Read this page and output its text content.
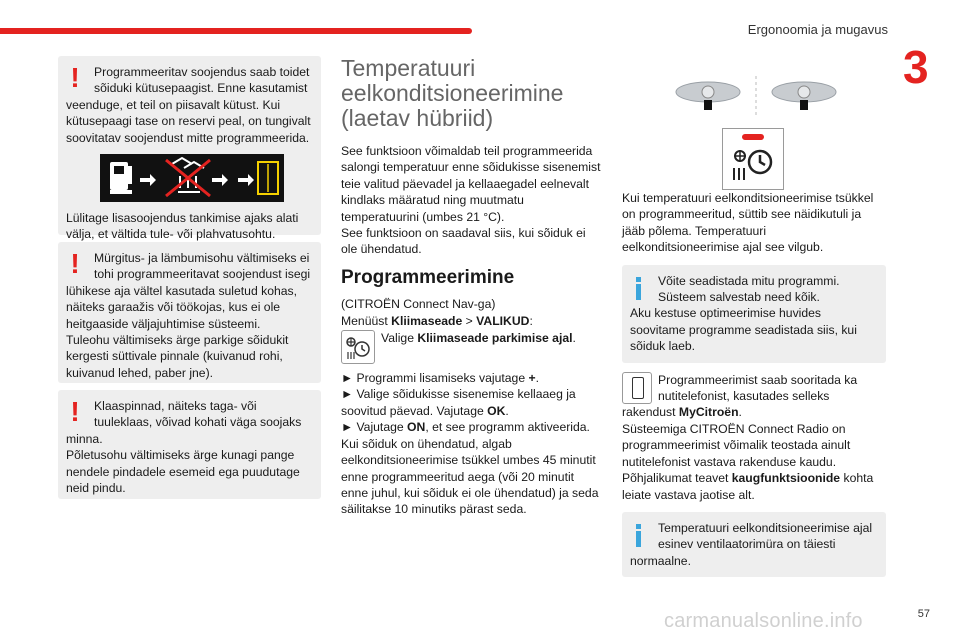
Ergonoomia ja mugavus
3
!	Programmeeritav soojendus saab toidet sõiduki kütusepaagist. Enne kasutamist veenduge, et teil on piisavalt kütust. Kui kütusepaagi tase on reservi peal, on tungivalt soovitatav soojendust mitte programmeerida.

Lülitage lisasoojendus tankimise ajaks alati välja, et vältida tule- või plahvatusohtu.

!	Mürgitus- ja lämbumisohu vältimiseks ei tohi programmeeritavat soojendust isegi lühikese aja vältel kasutada suletud kohas, näiteks garaažis või töökojas, kus ei ole heitgaaside väljajuhtimise süsteemi.

Tuleohu vältimiseks ärge parkige sõidukit kergesti süttivale pinnale (kuivanud rohi, kuivanud lehed, paber jne).

!	Klaaspinnad, näiteks taga- või tuuleklaas, võivad kohati väga soojaks minna.

Põletusohu vältimiseks ärge kunagi pange nendele pindadele esemeid ega puudutage neid pindu.

Temperatuuri eelkonditsioneerimine (laetav hübriid)

See funktsioon võimaldab teil programmeerida salongi temperatuur enne sõidukisse sisenemist teie valitud päevadel ja kellaaegadel eelnevalt kindlaks määratud ning muutmatu temperatuurini (umbes 21 °C).

See funktsioon on saadaval siis, kui sõiduk ei ole ühendatud.

Programmeerimine

(CITROËN Connect Nav-ga)

Menüüst Kliimaseade > VALIKUD:

Valige Kliimaseade parkimise ajal.

► Programmi lisamiseks vajutage +.

► Valige sõidukisse sisenemise kellaaeg ja soovitud päevad. Vajutage OK.

► Vajutage ON, et see programm aktiveerida.

Kui sõiduk on ühendatud, algab eelkonditsioneerimise tsükkel umbes 45 minutit enne programmeeritud aega (või 20 minutit enne juhul, kui sõiduk ei ole ühendatud) ja seda säilitakse 10 minutiks pärast seda.

Kui temperatuuri eelkonditsioneerimise tsükkel on programmeeritud, süttib see näidikutuli ja jääb põlema. Temperatuuri eelkonditsioneerimise ajal see vilgub.

Võite seadistada mitu programmi. Süsteem salvestab need kõik.

Aku kestuse optimeerimise huvides soovitame programme seadistada siis, kui sõiduk laeb.

Programmeerimist saab sooritada ka nutitelefonist, kasutades selleks rakendust MyCitroën.

Süsteemiga CITROËN Connect Radio on programmeerimist võimalik teostada ainult nutitelefonist vastava rakenduse kaudu.

Põhjalikumat teavet kaugfunktsioonide kohta leiate vastava jaotise alt.

Temperatuuri eelkonditsioneerimise ajal esinev ventilaatorimüra on täiesti normaalne.

carmanualsonline.info	57
